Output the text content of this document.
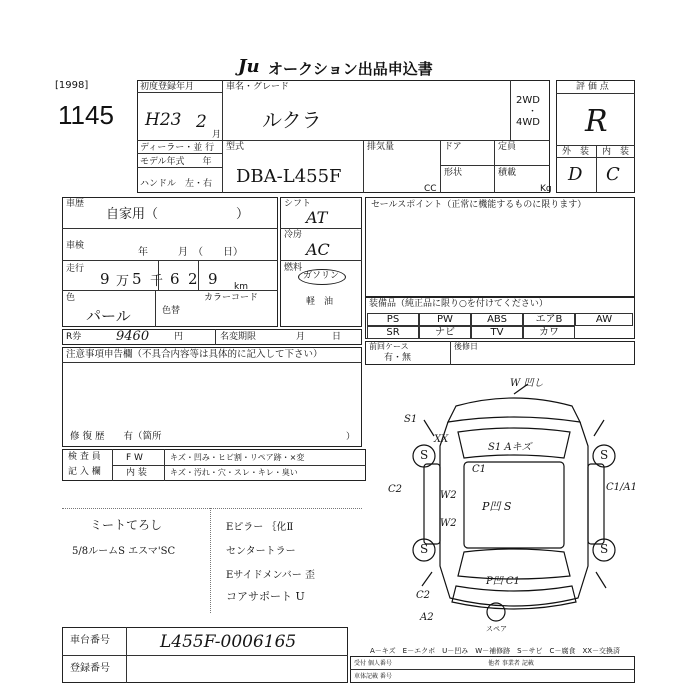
Ju オークション出品申込書
[1998]
1145
初度登録年月
H23 2
月
ディーラー・並 行
モデル年式　　年
ハンドル　左・右
車名・グレード
ルクラ
2WD
・
4WD
型式
DBA-L455F
排気量
CC
ドア
形状
定員
積載
Kg
評 価 点
R
外　装 内　装
D C
車歴
自家用（　　　　　　）
車検
年　　　月　（　　日）
走行
9 万 5 千 6 2 9 km
色
パール	色替
カラーコード
シフト
AT
冷房
AC
燃料
ガソリン
軽　油
セールスポイント（正常に機能するものに限ります）
装備品（純正品に限り○を付けてください）
PS	PW	ABS	エアB	AW
SR	ナビ	TV	カワ
前回ケース
有・無
後修日
R券	9460	円	名変期限	月　　　日
注意事項申告欄（不具合内容等は具体的に記入して下さい）
修 復 歴　　有（箇所	）
検 査 員
記 入 欄
F W	キズ・凹み・ヒビ割・リペア跡・×変
内 装	キズ・汚れ・穴・スレ・キレ・臭い
ミートてろし
5/8ルームS エスマ'SC
Eピラー ｛化Ⅱ
センタートラー
Eサイドメンバー 歪
コアサポート U
W 凹し
S1
XX
S1 Aキズ
C1
C2
W2
P凹 S
W2
C1/A1
C2
P凹 C1
A2
S	S
S	S
スペア
車台番号	L455F-0006165
登録番号
A－キズ　E－エクボ　U－凹み　W－補修跡　S－サビ　C－腐食　XX－交換済
受付 個人番号
車体記載 番号
他者 事業者 記載
